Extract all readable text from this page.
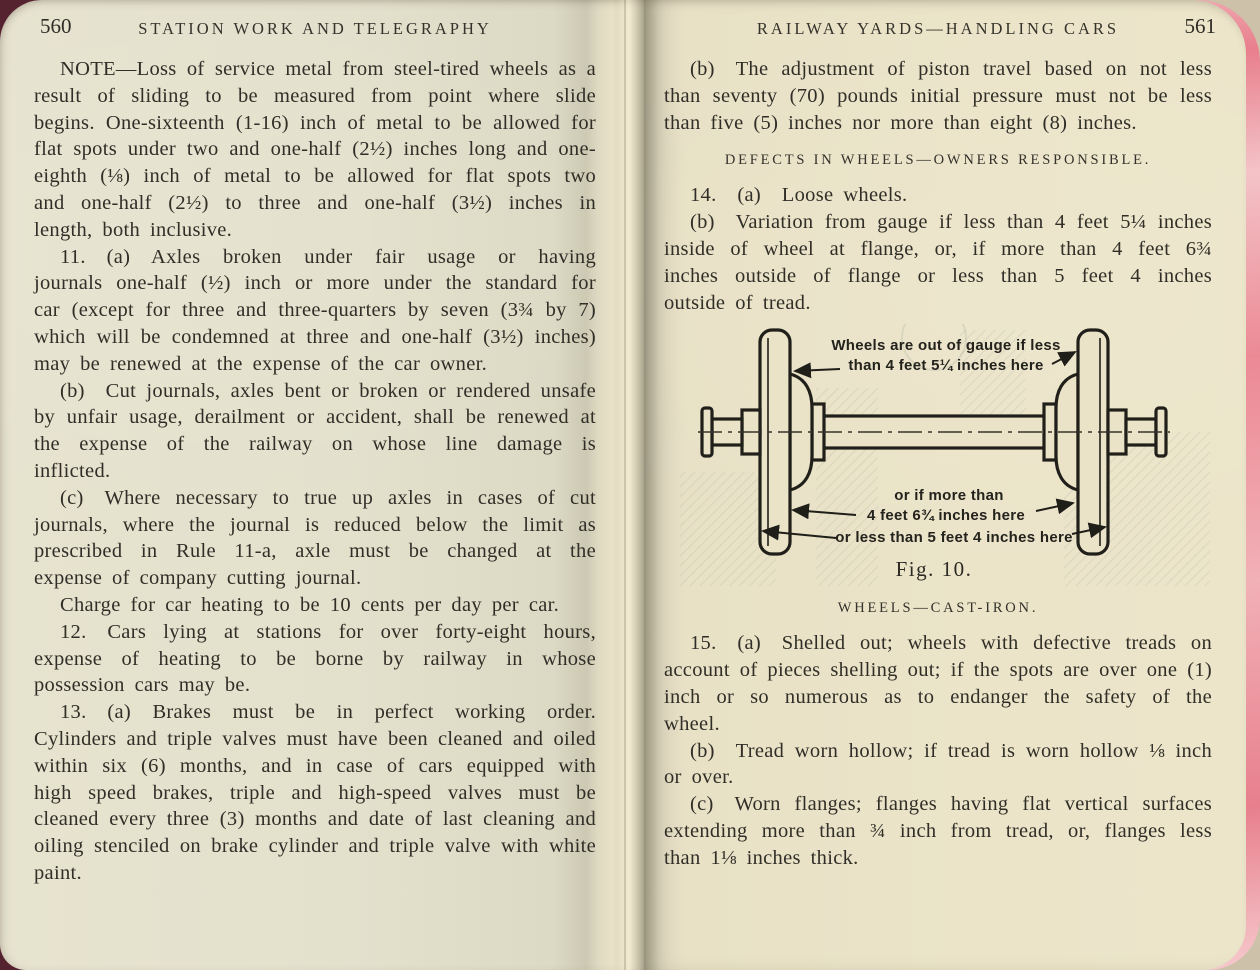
560	STATION WORK AND TELEGRAPHY

NOTE—Loss of service metal from steel-tired wheels as a result of sliding to be measured from point where slide begins. One-sixteenth (1-16) inch of metal to be allowed for flat spots under two and one-half (2½) inches long and one-eighth (⅛) inch of metal to be allowed for flat spots two and one-half (2½) to three and one-half (3½) inches in length, both inclusive.

11. (a) Axles broken under fair usage or having journals one-half (½) inch or more under the standard for car (except for three and three-quarters by seven (3¾ by 7) which will be condemned at three and one-half (3½) inches) may be renewed at the expense of the car owner.

(b) Cut journals, axles bent or broken or rendered unsafe by unfair usage, derailment or accident, shall be renewed at the expense of the railway on whose line damage is inflicted.

(c) Where necessary to true up axles in cases of cut journals, where the journal is reduced below the limit as prescribed in Rule 11-a, axle must be changed at the expense of company cutting journal.

Charge for car heating to be 10 cents per day per car.

12. Cars lying at stations for over forty-eight hours, expense of heating to be borne by railway in whose possession cars may be.

13. (a) Brakes must be in perfect working order. Cylinders and triple valves must have been cleaned and oiled within six (6) months, and in case of cars equipped with high speed brakes, triple and high-speed valves must be cleaned every three (3) months and date of last cleaning and oiling stenciled on brake cylinder and triple valve with white paint.

RAILWAY YARDS—HANDLING CARS	561

(b) The adjustment of piston travel based on not less than seventy (70) pounds initial pressure must not be less than five (5) inches nor more than eight (8) inches.

DEFECTS IN WHEELS—OWNERS RESPONSIBLE.

14. (a) Loose wheels.

(b) Variation from gauge if less than 4 feet 5¼ inches inside of wheel at flange, or, if more than 4 feet 6¾ inches outside of flange or less than 5 feet 4 inches outside of tread.

Wheels are out of gauge if less
than 4 feet 5¼ inches here
or if more than
4 feet 6¾ inches here
or less than 5 feet 4 inches here
Fig. 10.
WHEELS—CAST-IRON.

15. (a) Shelled out; wheels with defective treads on account of pieces shelling out; if the spots are over one (1) inch or so numerous as to endanger the safety of the wheel.

(b) Tread worn hollow; if tread is worn hollow ⅛ inch or over.

(c) Worn flanges; flanges having flat vertical surfaces extending more than ¾ inch from tread, or, flanges less than 1⅛ inches thick.
